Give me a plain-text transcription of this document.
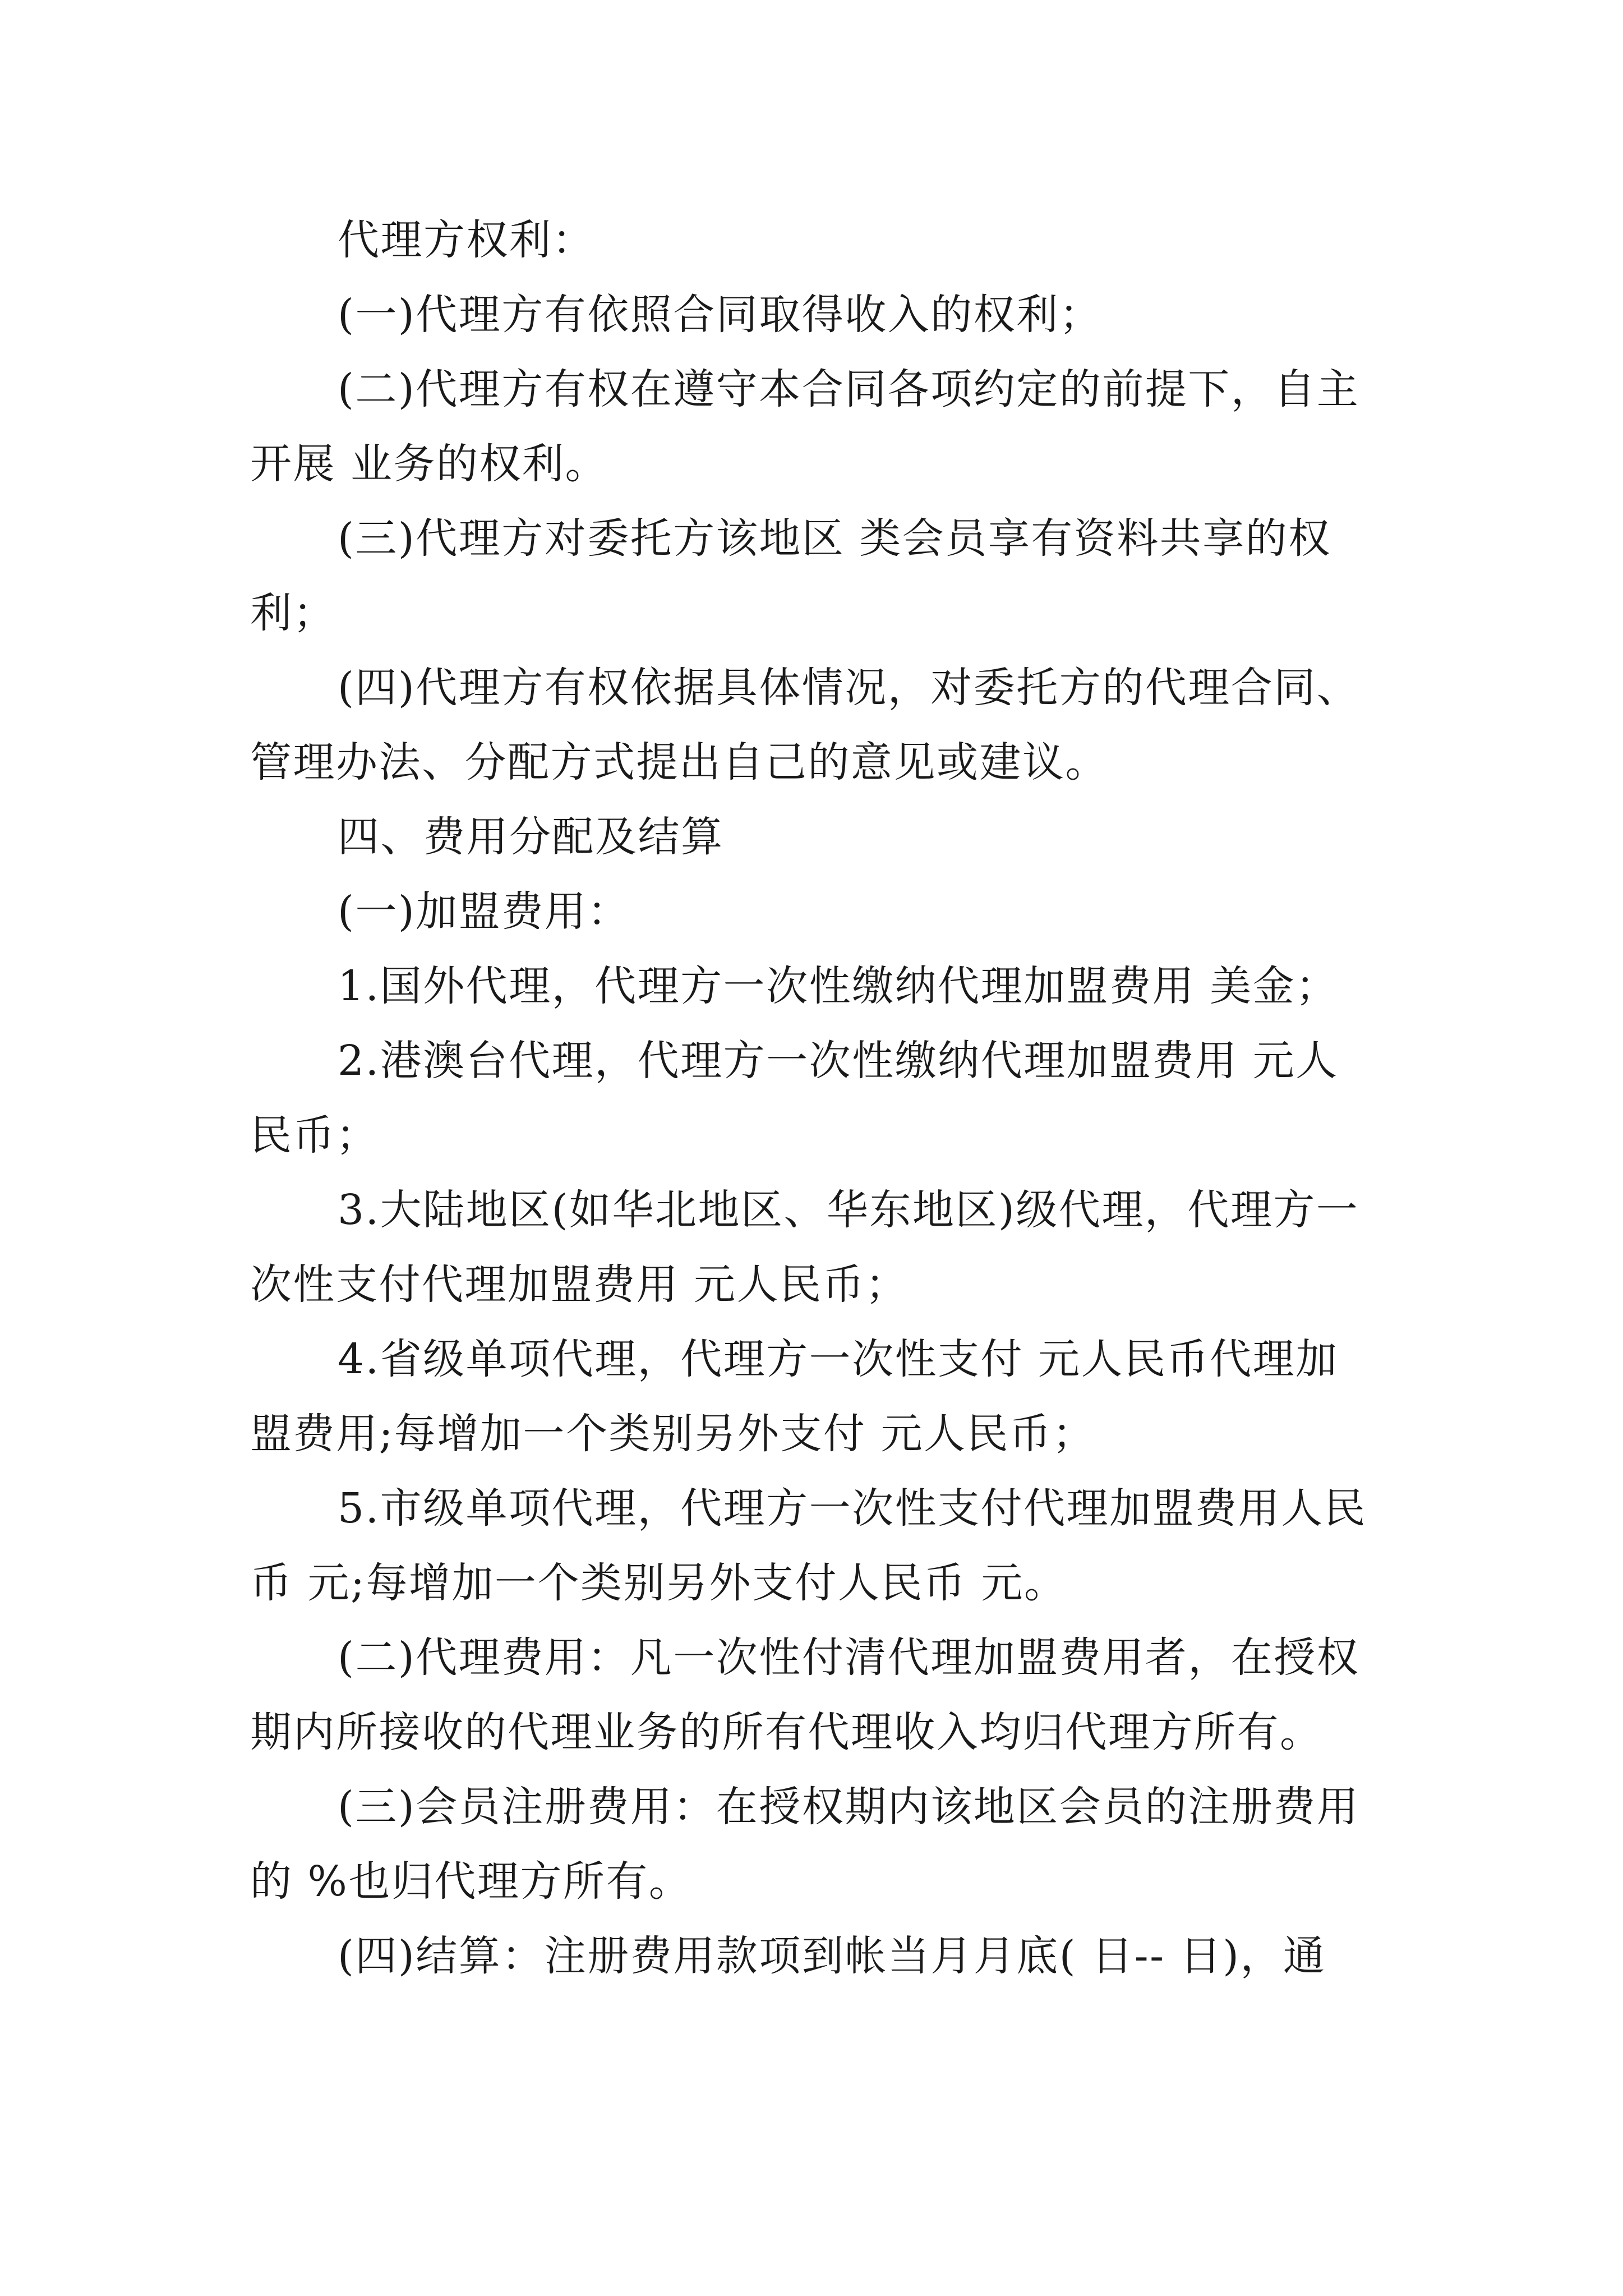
代理方权利：
(一)代理方有依照合同取得收入的权利；
(二)代理方有权在遵守本合同各项约定的前提下，自主
开展 业务的权利。
(三)代理方对委托方该地区 类会员享有资料共享的权
利；
(四)代理方有权依据具体情况，对委托方的代理合同、
管理办法、分配方式提出自己的意见或建议。
四、费用分配及结算
(一)加盟费用：
1.国外代理，代理方一次性缴纳代理加盟费用 美金；
2.港澳台代理，代理方一次性缴纳代理加盟费用 元人
民币；
3.大陆地区(如华北地区、华东地区)级代理，代理方一
次性支付代理加盟费用 元人民币；
4.省级单项代理，代理方一次性支付 元人民币代理加
盟费用;每增加一个类别另外支付 元人民币；
5.市级单项代理，代理方一次性支付代理加盟费用人民
币 元;每增加一个类别另外支付人民币 元。
(二)代理费用：凡一次性付清代理加盟费用者，在授权
期内所接收的代理业务的所有代理收入均归代理方所有。
(三)会员注册费用：在授权期内该地区会员的注册费用
的 %也归代理方所有。
(四)结算：注册费用款项到帐当月月底( 日-- 日)，通
